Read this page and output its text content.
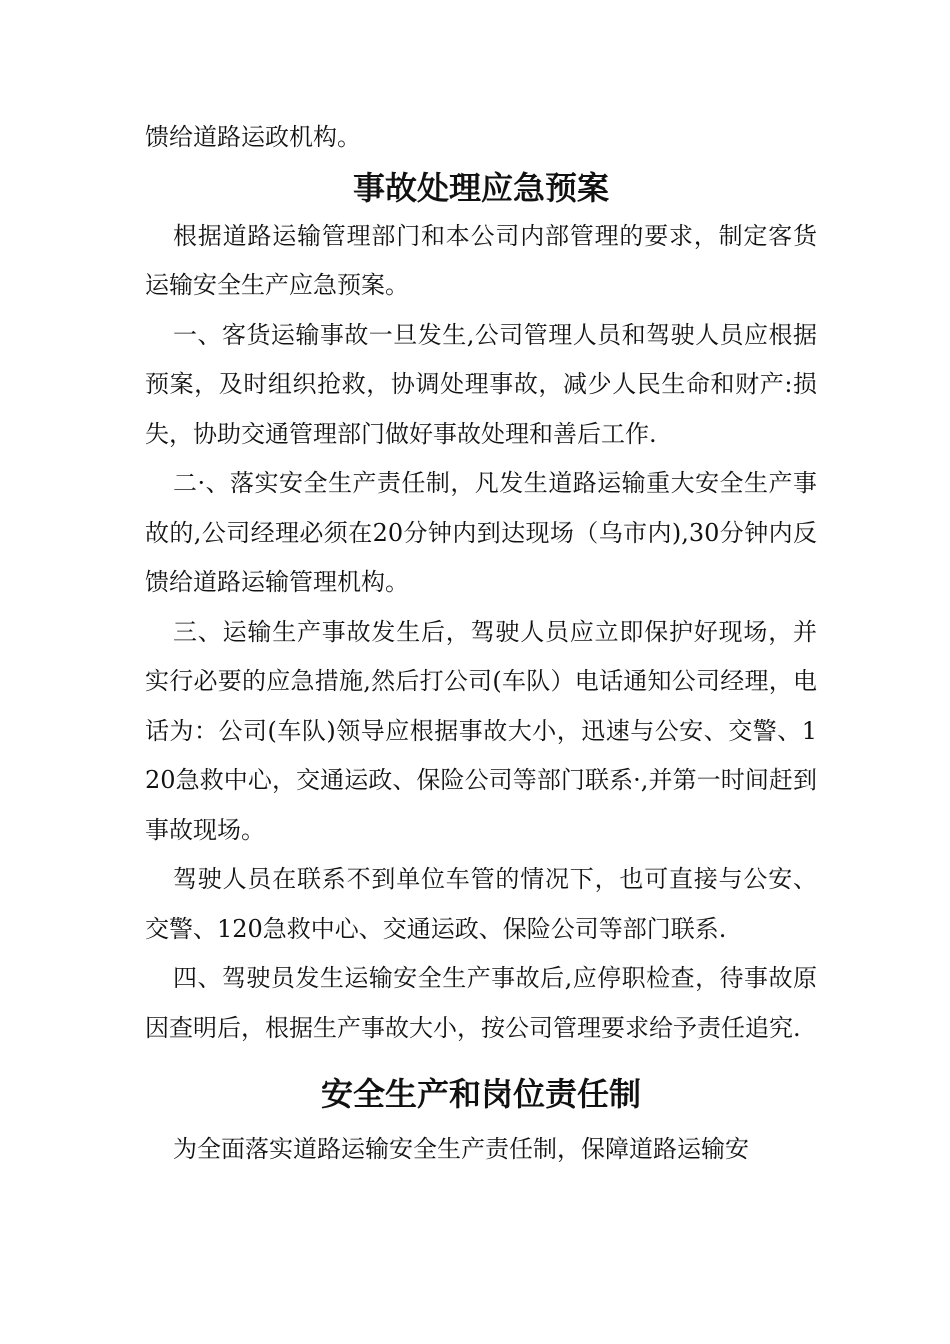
馈给道路运政机构。

事故处理应急预案

根据道路运输管理部门和本公司内部管理的要求，制定客货运输安全生产应急预案。

一、客货运输事故一旦发生,公司管理人员和驾驶人员应根据预案，及时组织抢救，协调处理事故，减少人民生命和财产:损失，协助交通管理部门做好事故处理和善后工作.

二·、落实安全生产责任制，凡发生道路运输重大安全生产事故的,公司经理必须在20分钟内到达现场（乌市内),30分钟内反馈给道路运输管理机构。

三、运输生产事故发生后，驾驶人员应立即保护好现场，并实行必要的应急措施,然后打公司(车队）电话通知公司经理，电话为：公司(车队)领导应根据事故大小，迅速与公安、交警、120急救中心，交通运政、保险公司等部门联系·,并第一时间赶到事故现场。

驾驶人员在联系不到单位车管的情况下，也可直接与公安、交警、120急救中心、交通运政、保险公司等部门联系.

四、驾驶员发生运输安全生产事故后,应停职检查，待事故原因查明后，根据生产事故大小，按公司管理要求给予责任追究.

安全生产和岗位责任制

为全面落实道路运输安全生产责任制，保障道路运输安
